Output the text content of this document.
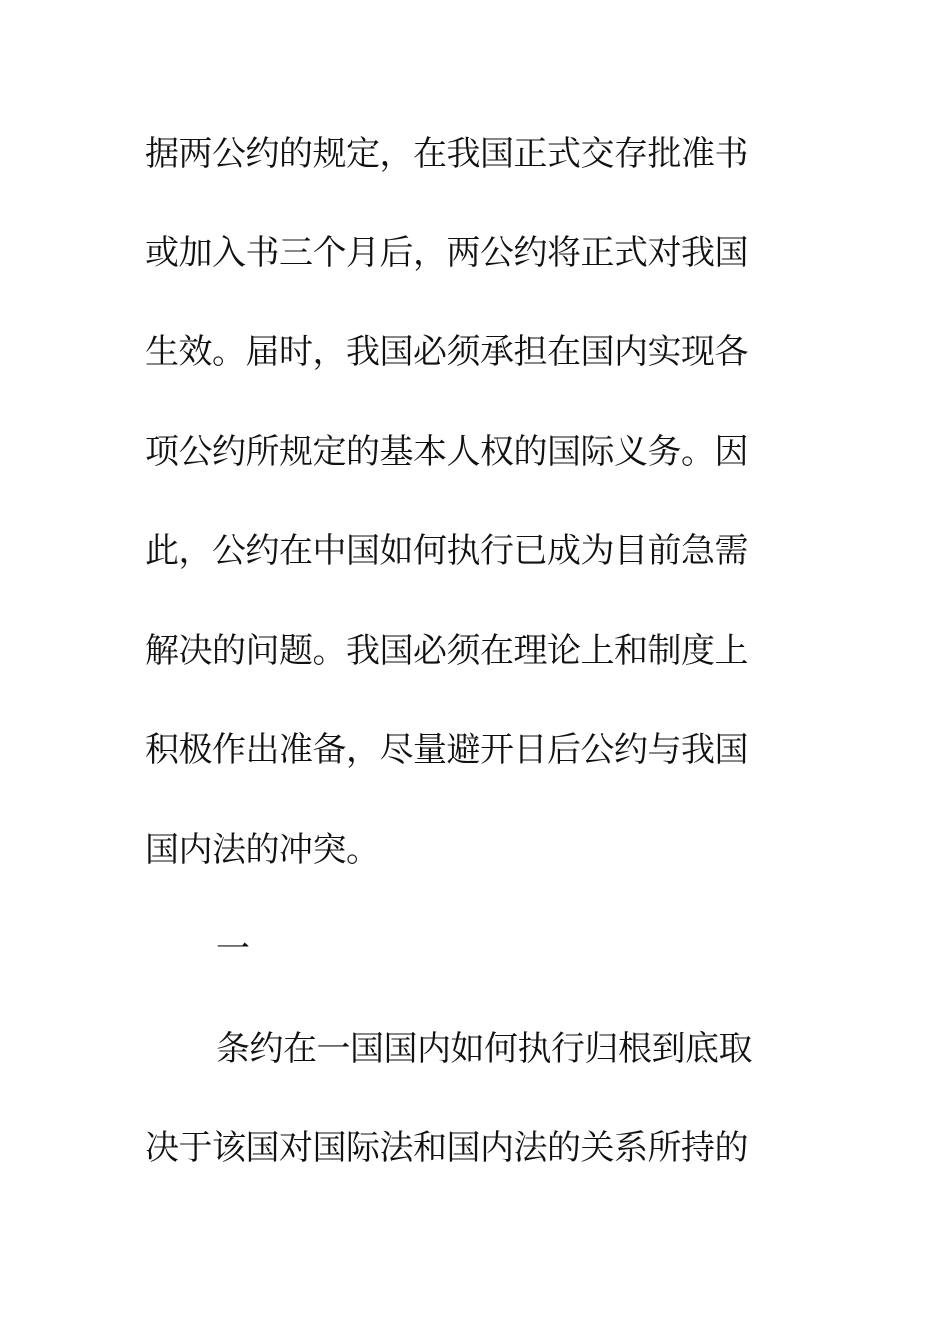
据两公约的规定，在我国正式交存批准书
或加入书三个月后，两公约将正式对我国
生效。届时，我国必须承担在国内实现各
项公约所规定的基本人权的国际义务。因
此，公约在中国如何执行已成为目前急需
解决的问题。我国必须在理论上和制度上
积极作出准备，尽量避开日后公约与我国
国内法的冲突。
一
条约在一国国内如何执行归根到底取
决于该国对国际法和国内法的关系所持的
